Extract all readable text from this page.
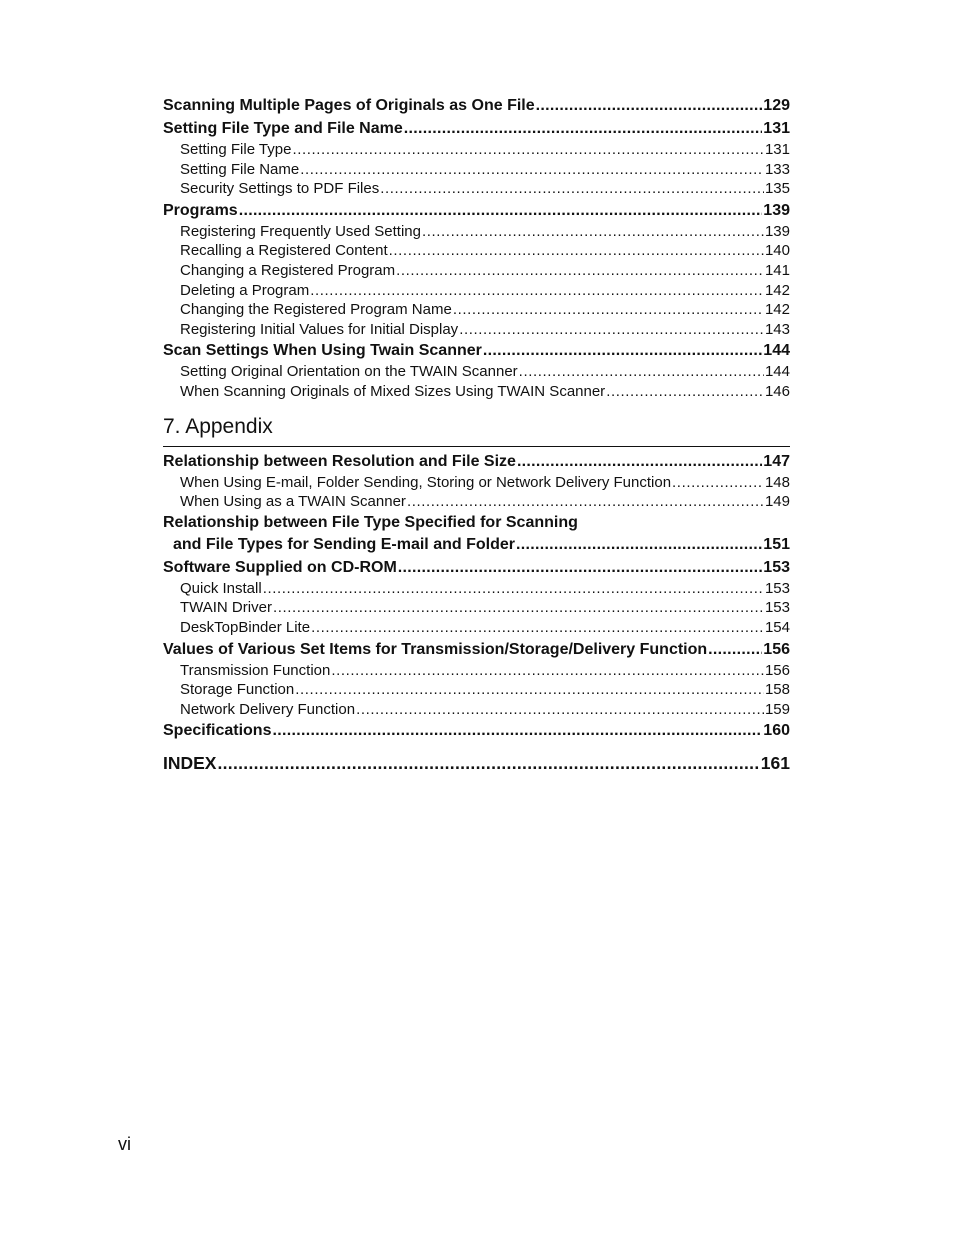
Scanning Multiple Pages of Originals as One File .....	129
Setting File Type and File Name .....	131
Setting File Type .....	131
Setting File Name .....	133
Security Settings to PDF Files .....	135
Programs .....	139
Registering Frequently Used Setting .....	139
Recalling a Registered Content .....	140
Changing a Registered Program .....	141
Deleting a Program .....	142
Changing the Registered Program Name .....	142
Registering Initial Values for Initial Display .....	143
Scan Settings When Using Twain Scanner .....	144
Setting Original Orientation on the TWAIN Scanner .....	144
When Scanning Originals of Mixed Sizes Using TWAIN Scanner .....	146
7. Appendix
Relationship between Resolution and File Size .....	147
When Using E-mail, Folder Sending, Storing or Network Delivery Function .....	148
When Using as a TWAIN Scanner .....	149
Relationship between File Type Specified for Scanning
and File Types for Sending E-mail and Folder .....	151
Software Supplied on CD-ROM .....	153
Quick Install .....	153
TWAIN Driver .....	153
DeskTopBinder Lite .....	154
Values of Various Set Items for Transmission/Storage/Delivery Function .....	156
Transmission Function .....	156
Storage Function .....	158
Network Delivery Function .....	159
Specifications .....	160
INDEX .....	161
vi
